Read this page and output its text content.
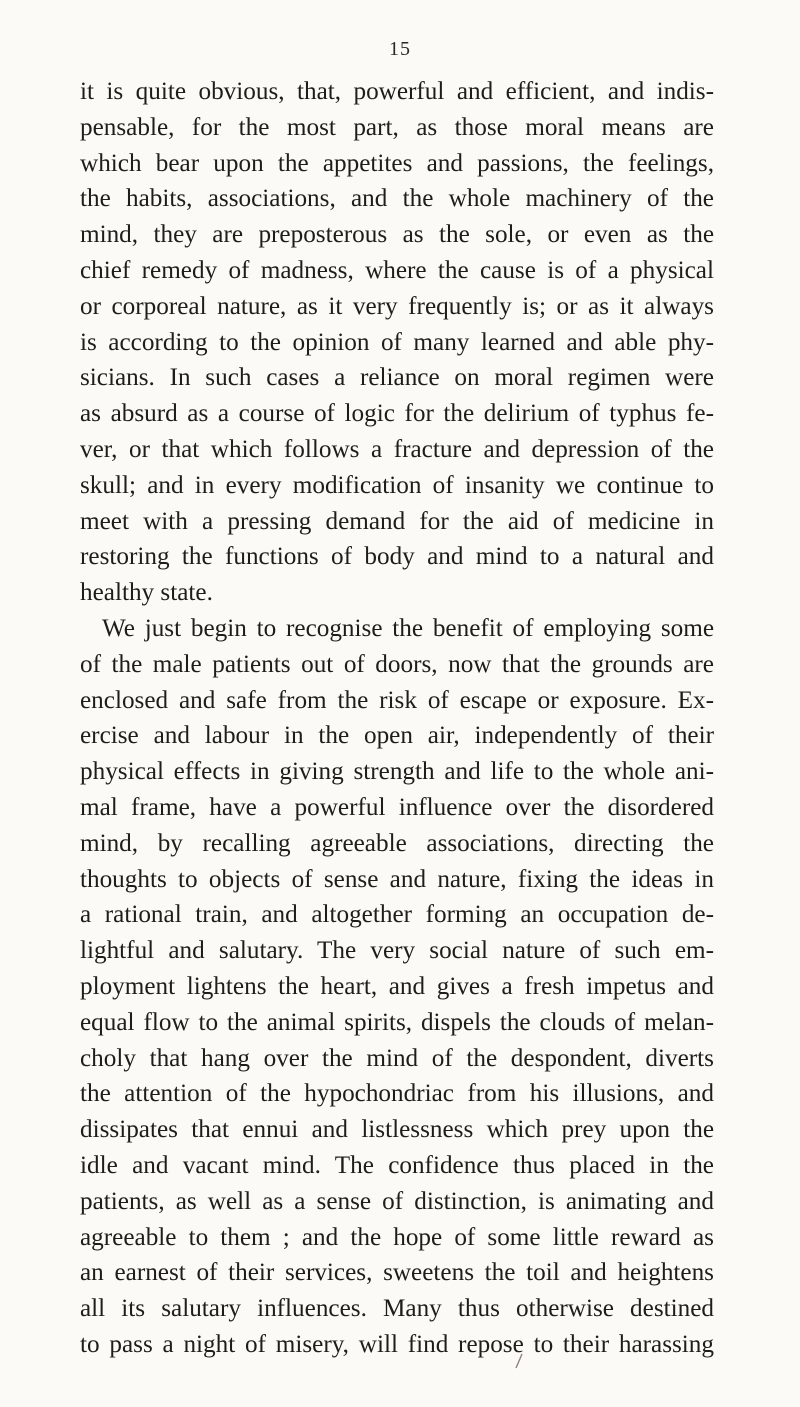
15
it is quite obvious, that, powerful and efficient, and indis-
pensable, for the most part, as those moral means are
which bear upon the appetites and passions, the feelings,
the habits, associations, and the whole machinery of the
mind, they are preposterous as the sole, or even as the
chief remedy of madness, where the cause is of a physical
or corporeal nature, as it very frequently is; or as it always
is according to the opinion of many learned and able phy-
sicians. In such cases a reliance on moral regimen were
as absurd as a course of logic for the delirium of typhus fe-
ver, or that which follows a fracture and depression of the
skull; and in every modification of insanity we continue to
meet with a pressing demand for the aid of medicine in
restoring the functions of body and mind to a natural and
healthy state.
We just begin to recognise the benefit of employing some
of the male patients out of doors, now that the grounds are
enclosed and safe from the risk of escape or exposure. Ex-
ercise and labour in the open air, independently of their
physical effects in giving strength and life to the whole ani-
mal frame, have a powerful influence over the disordered
mind, by recalling agreeable associations, directing the
thoughts to objects of sense and nature, fixing the ideas in
a rational train, and altogether forming an occupation de-
lightful and salutary. The very social nature of such em-
ployment lightens the heart, and gives a fresh impetus and
equal flow to the animal spirits, dispels the clouds of melan-
choly that hang over the mind of the despondent, diverts
the attention of the hypochondriac from his illusions, and
dissipates that ennui and listlessness which prey upon the
idle and vacant mind. The confidence thus placed in the
patients, as well as a sense of distinction, is animating and
agreeable to them ; and the hope of some little reward as
an earnest of their services, sweetens the toil and heightens
all its salutary influences. Many thus otherwise destined
to pass a night of misery, will find repose to their harassing
